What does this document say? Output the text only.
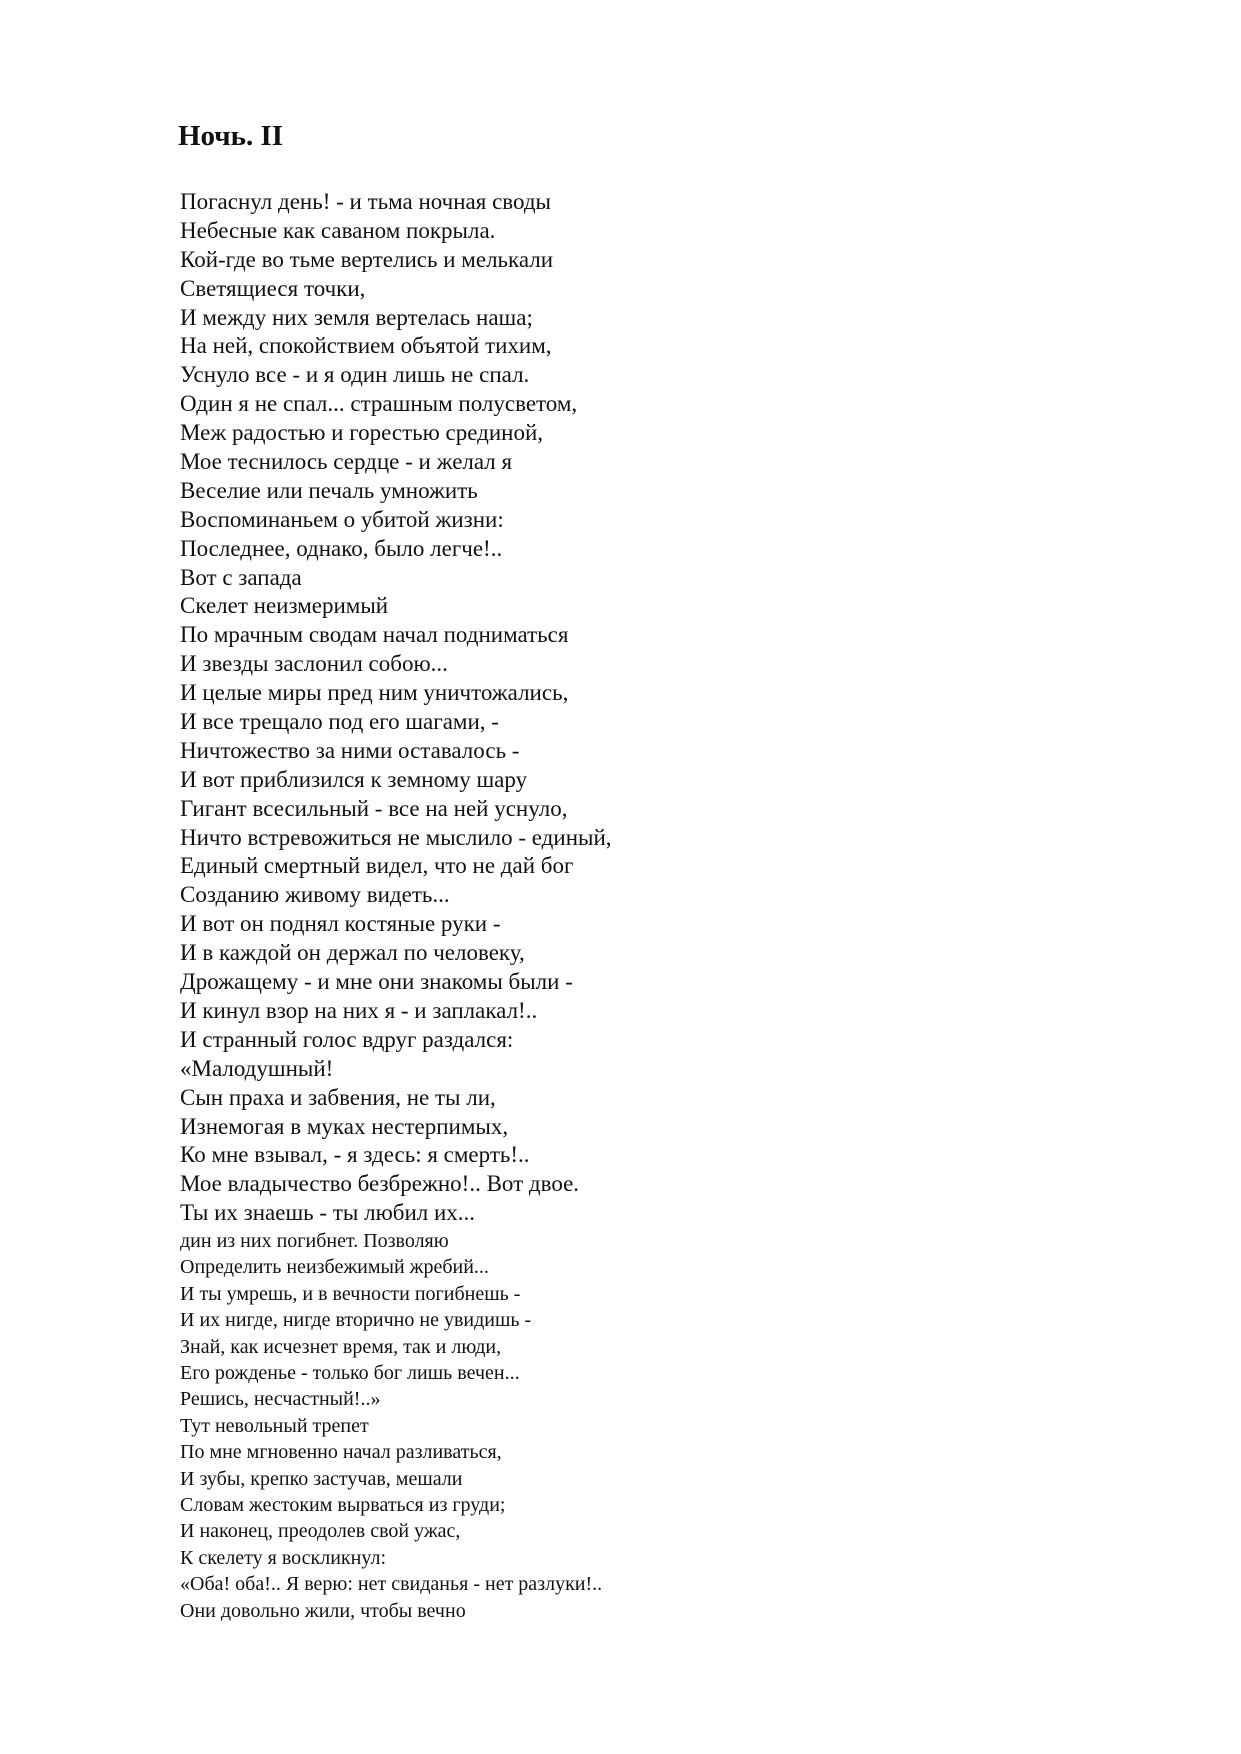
Ночь. II
Погаснул день! - и тьма ночная своды
Небесные как саваном покрыла.
Кой-где во тьме вертелись и мелькали
Светящиеся точки,
И между них земля вертелась наша;
На ней, спокойствием объятой тихим,
Уснуло все - и я один лишь не спал.
Один я не спал... страшным полусветом,
Меж радостью и горестью срединой,
Мое теснилось сердце - и желал я
Веселие или печаль умножить
Воспоминаньем о убитой жизни:
Последнее, однако, было легче!..
Вот с запада
Скелет неизмеримый
По мрачным сводам начал подниматься
И звезды заслонил собою...
И целые миры пред ним уничтожались,
И все трещало под его шагами, -
Ничтожество за ними оставалось -
И вот приблизился к земному шару
Гигант всесильный - все на ней уснуло,
Ничто встревожиться не мыслило - единый,
Единый смертный видел, что не дай бог
Созданию живому видеть...
И вот он поднял костяные руки -
И в каждой он держал по человеку,
Дрожащему - и мне они знакомы были -
И кинул взор на них я - и заплакал!..
И странный голос вдруг раздался:
«Малодушный!
Сын праха и забвения, не ты ли,
Изнемогая в муках нестерпимых,
Ко мне взывал, - я здесь: я смерть!..
Мое владычество безбрежно!.. Вот двое.
Ты их знаешь - ты любил их...
дин из них погибнет. Позволяю
Определить неизбежимый жребий...
И ты умрешь, и в вечности погибнешь -
И их нигде, нигде вторично не увидишь -
Знай, как исчезнет время, так и люди,
Его рожденье - только бог лишь вечен...
Решись, несчастный!..»
Тут невольный трепет
По мне мгновенно начал разливаться,
И зубы, крепко застучав, мешали
Словам жестоким вырваться из груди;
И наконец, преодолев свой ужас,
К скелету я воскликнул:
«Оба! оба!.. Я верю: нет свиданья - нет разлуки!..
Они довольно жили, чтобы вечно
